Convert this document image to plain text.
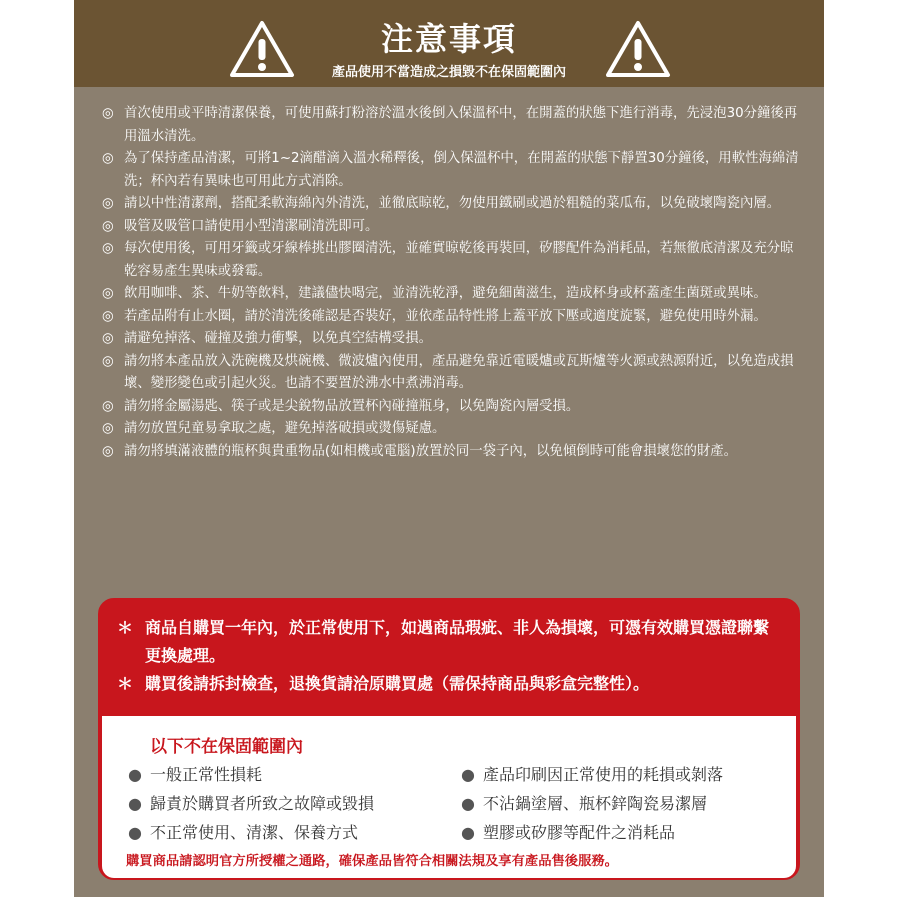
注意事項
產品使用不當造成之損毀不在保固範圍內
◎ 首次使用或平時清潔保養，可使用蘇打粉溶於溫水後倒入保溫杯中，在開蓋的狀態下進行消毒，先浸泡30分鐘後再用溫水清洗。
◎ 為了保持產品清潔，可將1~2滴醋滴入溫水稀釋後，倒入保溫杯中，在開蓋的狀態下靜置30分鐘後，用軟性海綿清洗；杯內若有異味也可用此方式消除。
◎ 請以中性清潔劑，搭配柔軟海綿內外清洗，並徹底晾乾，勿使用鐵刷或過於粗糙的菜瓜布，以免破壞陶瓷內層。
◎ 吸管及吸管口請使用小型清潔刷清洗即可。
◎ 每次使用後，可用牙籤或牙線棒挑出膠圈清洗，並確實晾乾後再裝回，矽膠配件為消耗品，若無徹底清潔及充分晾乾容易產生異味或發霉。
◎ 飲用咖啡、茶、牛奶等飲料，建議儘快喝完，並清洗乾淨，避免細菌滋生，造成杯身或杯蓋產生菌斑或異味。
◎ 若產品附有止水圈，請於清洗後確認是否裝好，並依產品特性將上蓋平放下壓或適度旋緊，避免使用時外漏。
◎ 請避免掉落、碰撞及強力衝擊，以免真空結構受損。
◎ 請勿將本產品放入洗碗機及烘碗機、微波爐內使用，產品避免靠近電暖爐或瓦斯爐等火源或熱源附近，以免造成損壞、變形變色或引起火災。也請不要置於沸水中煮沸消毒。
◎ 請勿將金屬湯匙、筷子或是尖銳物品放置杯內碰撞瓶身，以免陶瓷內層受損。
◎ 請勿放置兒童易拿取之處，避免掉落破損或燙傷疑慮。
◎ 請勿將填滿液體的瓶杯與貴重物品(如相機或電腦)放置於同一袋子內，以免傾倒時可能會損壞您的財產。
＊ 商品自購買一年內，於正常使用下，如遇商品瑕疵、非人為損壞，可憑有效購買憑證聯繫更換處理。
＊ 購買後請拆封檢查，退換貨請洽原購買處（需保持商品與彩盒完整性）。
以下不在保固範圍內
● 一般正常性損耗
● 歸責於購買者所致之故障或毀損
● 不正常使用、清潔、保養方式
● 產品印刷因正常使用的耗損或剝落
● 不沾鍋塗層、瓶杯鋅陶瓷易潔層
● 塑膠或矽膠等配件之消耗品
購買商品請認明官方所授權之通路，確保產品皆符合相關法規及享有產品售後服務。
